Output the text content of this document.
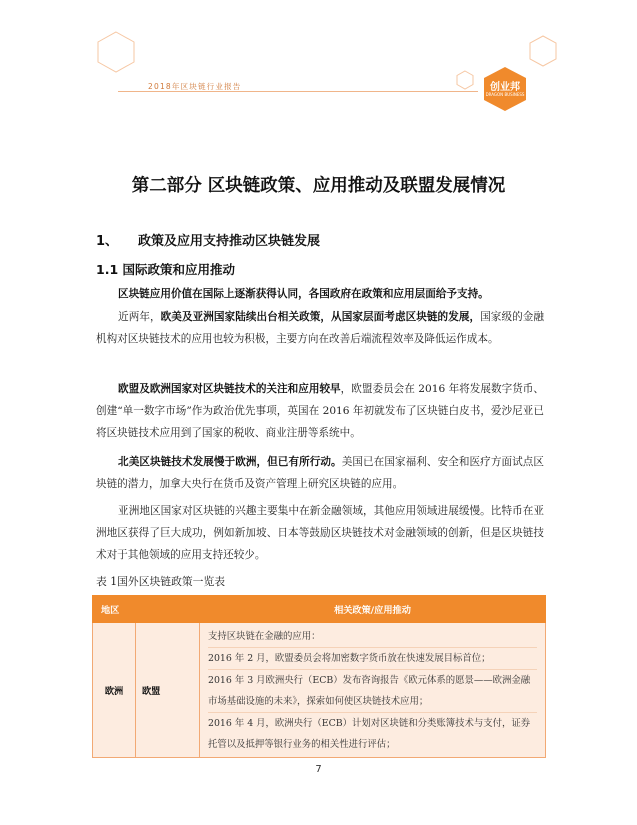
2018年区块链行业报告	创业邦
DRAGON BUSINESS
第二部分 区块链政策、应用推动及联盟发展情况
1、 政策及应用支持推动区块链发展
1.1 国际政策和应用推动
区块链应用价值在国际上逐渐获得认同，各国政府在政策和应用层面给予支持。
近两年，欧美及亚洲国家陆续出台相关政策，从国家层面考虑区块链的发展，国家级的金融机构对区块链技术的应用也较为积极，主要方向在改善后端流程效率及降低运作成本。
欧盟及欧洲国家对区块链技术的关注和应用较早，欧盟委员会在 2016 年将发展数字货币、创建“单一数字市场”作为政治优先事项，英国在 2016 年初就发布了区块链白皮书，爱沙尼亚已将区块链技术应用到了国家的税收、商业注册等系统中。
北美区块链技术发展慢于欧洲，但已有所行动。美国已在国家福利、安全和医疗方面试点区块链的潜力，加拿大央行在货币及资产管理上研究区块链的应用。
亚洲地区国家对区块链的兴趣主要集中在新金融领域，其他应用领域进展缓慢。比特币在亚洲地区获得了巨大成功，例如新加坡、日本等鼓励区块链技术对金融领域的创新，但是区块链技术对于其他领域的应用支持还较少。
表 1国外区块链政策一览表
地区		相关政策/应用推动
欧洲	欧盟	支持区块链在金融的应用：
2016 年 2 月，欧盟委员会将加密数字货币放在快速发展目标首位；
2016 年 3 月欧洲央行（ECB）发布咨询报告《欧元体系的愿景——欧洲金融市场基础设施的未来》，探索如何使区块链技术应用；
2016 年 4 月，欧洲央行（ECB）计划对区块链和分类账簿技术与支付，证券托管以及抵押等银行业务的相关性进行评估；
7
